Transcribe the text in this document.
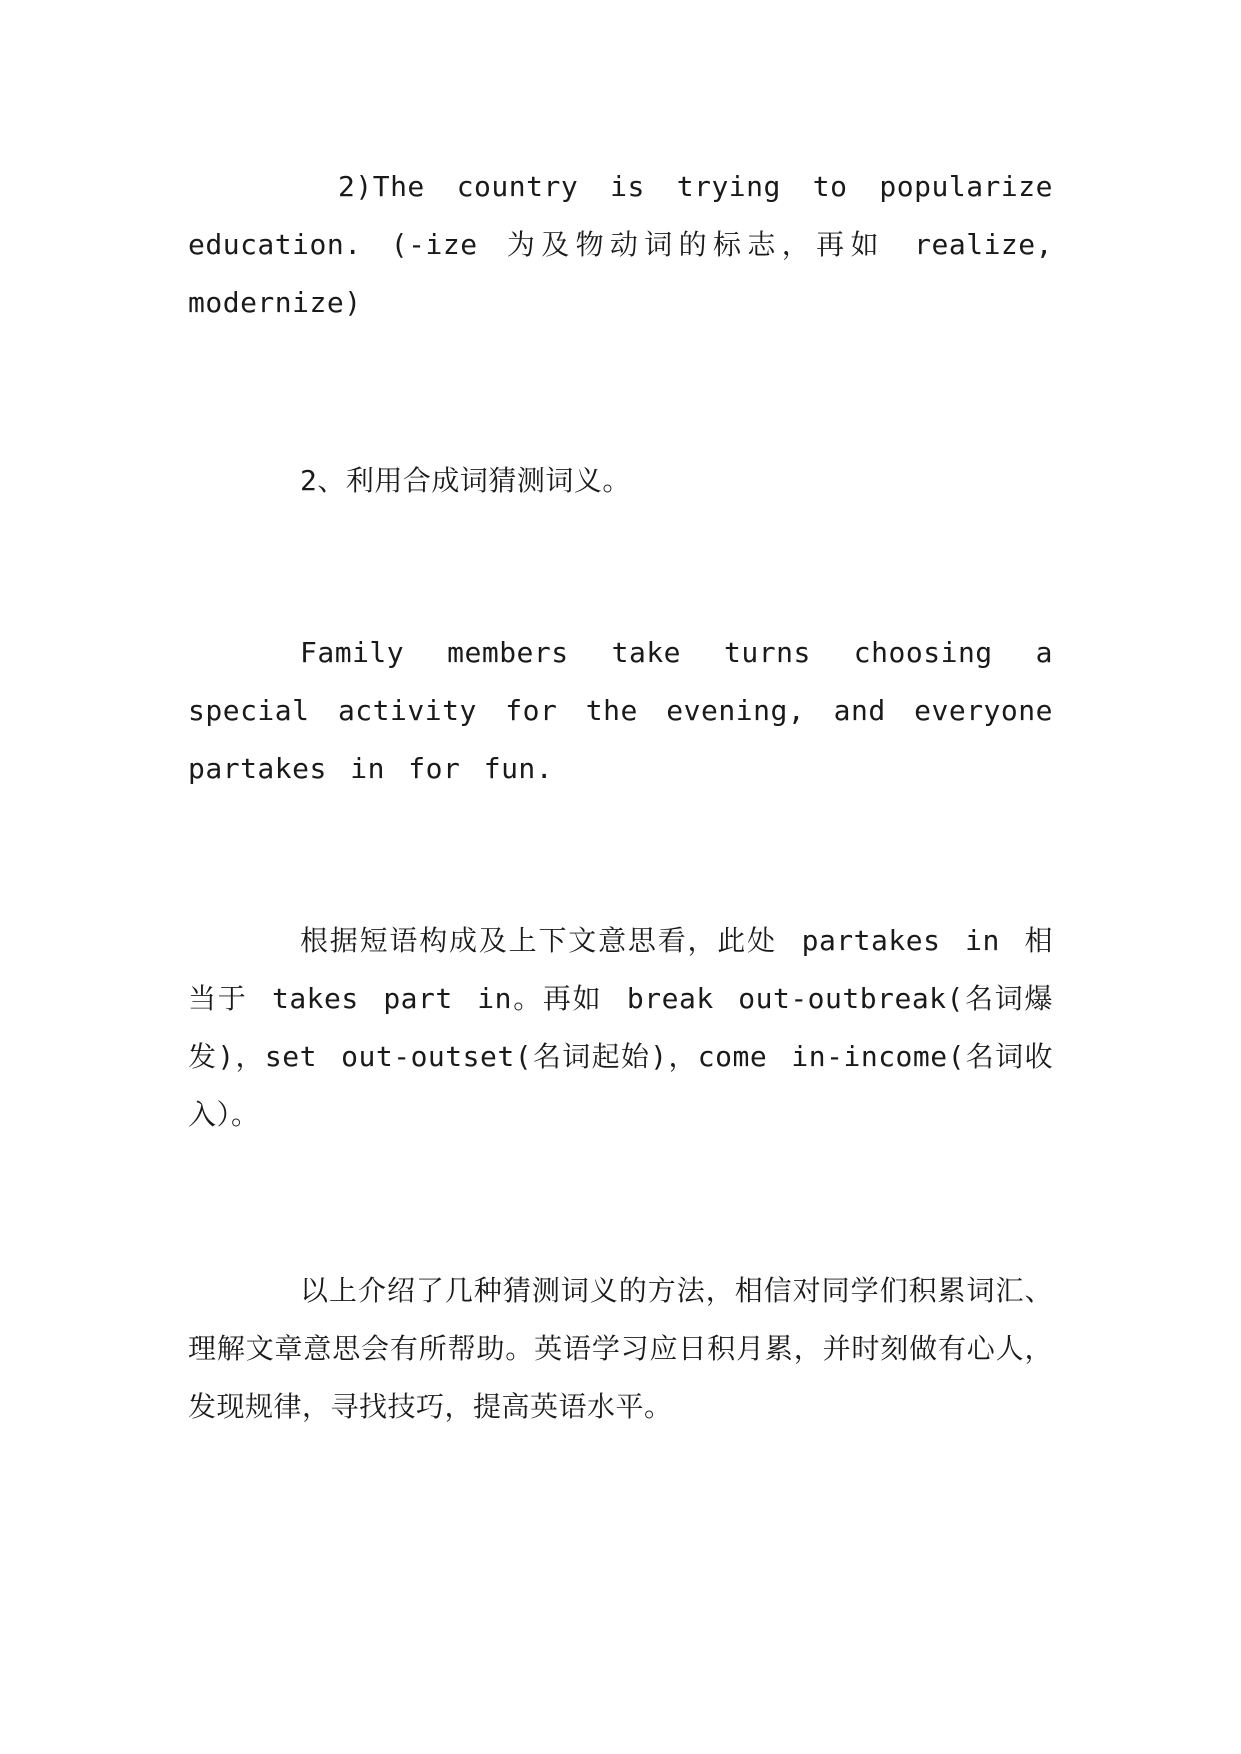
2)The country is trying to popularize education. (-ize 为及物动词的标志，再如 realize, modernize)

2、利用合成词猜测词义。

Family members take turns choosing a special activity for the evening, and everyone partakes in for fun.

根据短语构成及上下文意思看，此处 partakes in 相当于 takes part in。再如 break out-outbreak(名词爆发)，set out-outset(名词起始)，come in-income(名词收入）。

以上介绍了几种猜测词义的方法，相信对同学们积累词汇、理解文章意思会有所帮助。英语学习应日积月累，并时刻做有心人，发现规律，寻找技巧，提高英语水平。
